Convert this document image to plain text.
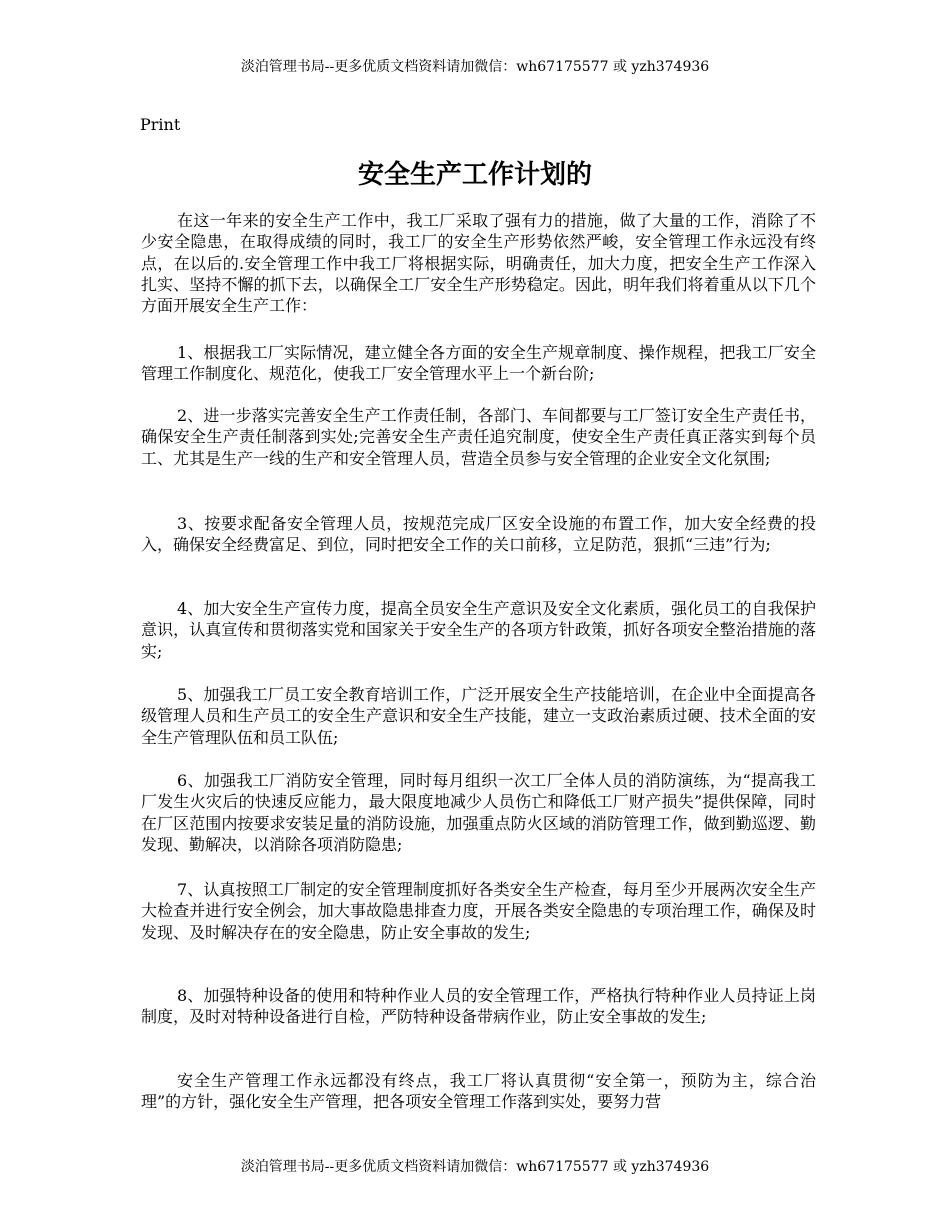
淡泊管理书局--更多优质文档资料请加微信：wh67175577 或 yzh374936
Print
安全生产工作计划的

在这一年来的安全生产工作中，我工厂采取了强有力的措施，做了大量的工作，消除了不少安全隐患，在取得成绩的同时，我工厂的安全生产形势依然严峻，安全管理工作永远没有终点，在以后的.安全管理工作中我工厂将根据实际，明确责任，加大力度，把安全生产工作深入扎实、坚持不懈的抓下去，以确保全工厂安全生产形势稳定。因此，明年我们将着重从以下几个方面开展安全生产工作：

1、根据我工厂实际情况，建立健全各方面的安全生产规章制度、操作规程，把我工厂安全管理工作制度化、规范化，使我工厂安全管理水平上一个新台阶;

2、进一步落实完善安全生产工作责任制，各部门、车间都要与工厂签订安全生产责任书，确保安全生产责任制落到实处;完善安全生产责任追究制度，使安全生产责任真正落实到每个员工、尤其是生产一线的生产和安全管理人员，营造全员参与安全管理的企业安全文化氛围;

3、按要求配备安全管理人员，按规范完成厂区安全设施的布置工作，加大安全经费的投入，确保安全经费富足、到位，同时把安全工作的关口前移，立足防范，狠抓“三违”行为;

4、加大安全生产宣传力度，提高全员安全生产意识及安全文化素质，强化员工的自我保护意识，认真宣传和贯彻落实党和国家关于安全生产的各项方针政策，抓好各项安全整治措施的落实;

5、加强我工厂员工安全教育培训工作，广泛开展安全生产技能培训，在企业中全面提高各级管理人员和生产员工的安全生产意识和安全生产技能，建立一支政治素质过硬、技术全面的安全生产管理队伍和员工队伍;

6、加强我工厂消防安全管理，同时每月组织一次工厂全体人员的消防演练，为“提高我工厂发生火灾后的快速反应能力，最大限度地减少人员伤亡和降低工厂财产损失”提供保障，同时在厂区范围内按要求安装足量的消防设施，加强重点防火区域的消防管理工作，做到勤巡逻、勤发现、勤解决，以消除各项消防隐患;

7、认真按照工厂制定的安全管理制度抓好各类安全生产检查，每月至少开展两次安全生产大检查并进行安全例会，加大事故隐患排查力度，开展各类安全隐患的专项治理工作，确保及时发现、及时解决存在的安全隐患，防止安全事故的发生;

8、加强特种设备的使用和特种作业人员的安全管理工作，严格执行特种作业人员持证上岗制度，及时对特种设备进行自检，严防特种设备带病作业，防止安全事故的发生;

安全生产管理工作永远都没有终点，我工厂将认真贯彻“安全第一，预防为主，综合治理”的方针，强化安全生产管理，把各项安全管理工作落到实处，要努力营

淡泊管理书局--更多优质文档资料请加微信：wh67175577 或 yzh374936
